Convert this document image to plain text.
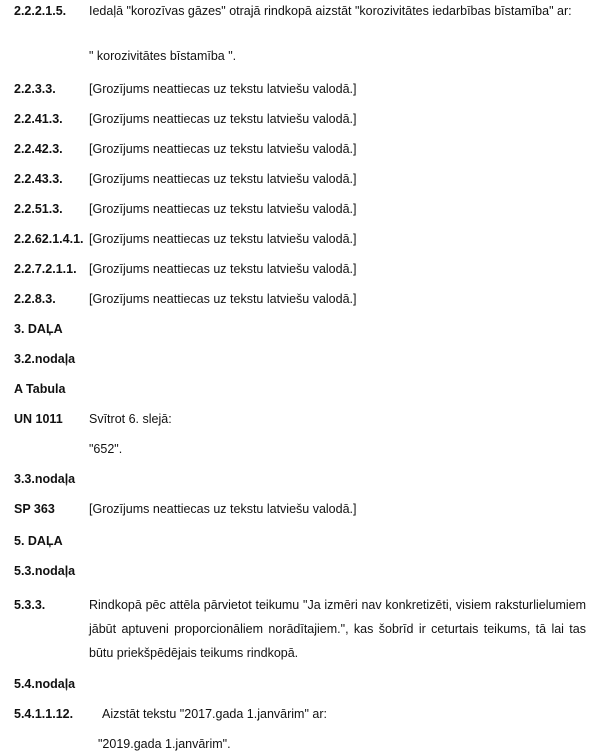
2.2.2.1.5. Iedaļā "korozīvas gāzes" otrajā rindkopā aizstāt "korozivitātes iedarbības bīstamība" ar:
" korozivitātes bīstamība ".
2.2.3.3.	[Grozījums neattiecas uz tekstu latviešu valodā.]
2.2.41.3. [Grozījums neattiecas uz tekstu latviešu valodā.]
2.2.42.3. [Grozījums neattiecas uz tekstu latviešu valodā.]
2.2.43.3. [Grozījums neattiecas uz tekstu latviešu valodā.]
2.2.51.3. [Grozījums neattiecas uz tekstu latviešu valodā.]
2.2.62.1.4.1. [Grozījums neattiecas uz tekstu latviešu valodā.]
2.2.7.2.1.1. [Grozījums neattiecas uz tekstu latviešu valodā.]
2.2.8.3.	[Grozījums neattiecas uz tekstu latviešu valodā.]
3. DAĻA
3.2.nodaļa
A Tabula
UN 1011 Svītrot 6. slejā:
"652".
3.3.nodaļa
SP 363	[Grozījums neattiecas uz tekstu latviešu valodā.]
5. DAĻA
5.3.nodaļa
5.3.3.	Rindkopā pēc attēla pārvietot teikumu "Ja izmēri nav konkretizēti, visiem raksturlielumiem jābūt aptuveni proporcionāliem norādītajiem.", kas šobrīd ir ceturtais teikums, tā lai tas būtu priekšpēdējais teikums rindkopā.
5.4.nodaļa
5.4.1.1.12. Aizstāt tekstu "2017.gada 1.janvārim" ar:
"2019.gada 1.janvārim".
